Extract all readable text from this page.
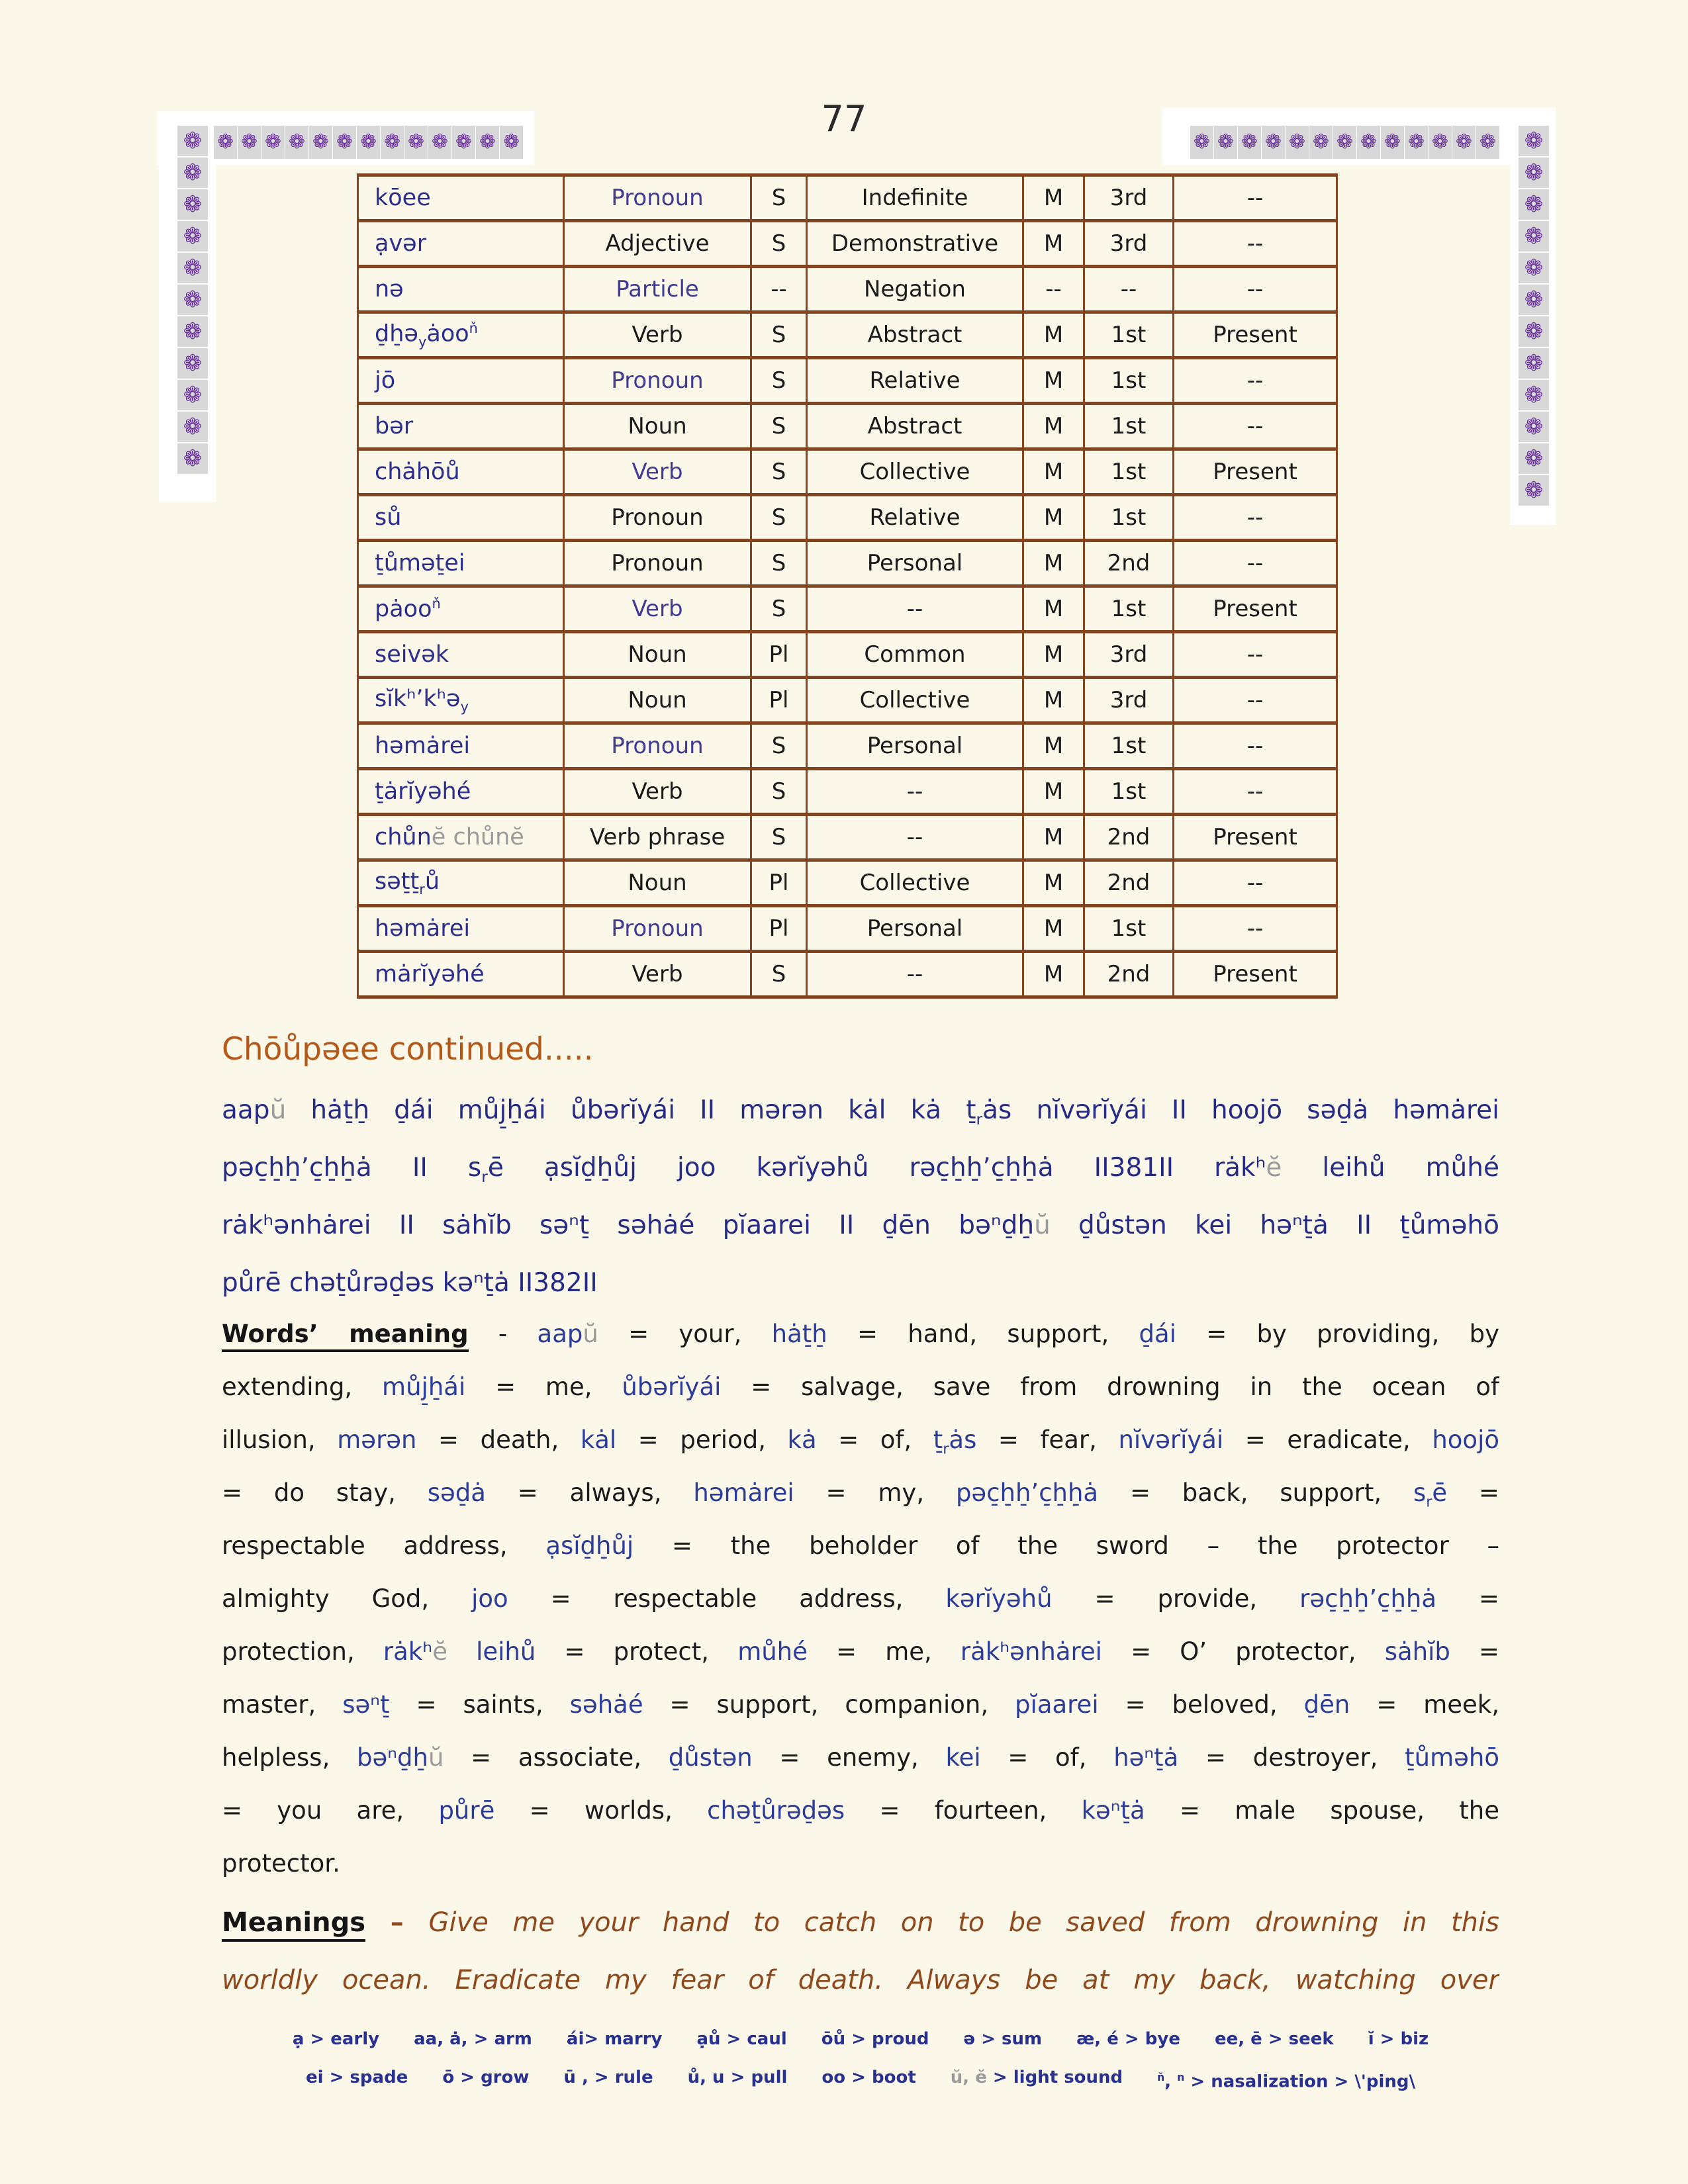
77
❁ ❁ ❁ ❁ ❁ ❁ ❁ ❁ ❁ ❁ ❁ ❁ ❁
❁
❁
❁
❁
❁
❁
❁
❁
❁
❁
❁
❁ ❁ ❁ ❁ ❁ ❁ ❁ ❁ ❁ ❁ ❁ ❁ ❁ ❁
❁
❁
❁
❁
❁
❁
❁
❁
❁
❁
❁
kōee	Pronoun	S	Indefinite	M	3rd	--
ạvər	Adjective	S	Demonstrative	M	3rd	--
nə	Particle	--	Negation	--	--	--
d̠h̠ə$_y$ȧoo$^ň$	Verb	S	Abstract	M	1st	Present
jō	Pronoun	S	Relative	M	1st	--
bər	Noun	S	Abstract	M	1st	--
chȧhōů	Verb	S	Collective	M	1st	Present
sů	Pronoun	S	Relative	M	1st	--
t̠ůmət̠ei	Pronoun	S	Personal	M	2nd	--
pȧoo$^ň$	Verb	S	--	M	1st	Present
seivək	Noun	Pl	Common	M	3rd	--
sĭkʰ’kʰə$_y$	Noun	Pl	Collective	M	3rd	--
həmȧrei	Pronoun	S	Personal	M	1st	--
t̠ȧrĭyəhé	Verb	S	--	M	1st	--
chůnĕ chůnĕ	Verb phrase	S	--	M	2nd	Present
$sət̠t̠_rů$	Noun	Pl	Collective	M	2nd	--
həmȧrei	Pronoun	Pl	Personal	M	1st	--
mȧrĭyəhé	Verb	S	--	M	2nd	Present
Chōůpəee continued.....
aapŭ hȧt̠h̠ d̠ái můj̠h̠ái ůbərĭyái II mərən kȧl kȧ $t̠_rȧs$ nĭvərĭyái II hoojō səd̠ȧ həmȧrei
pəc̠h̠h̠’c̠h̠h̠ȧ II $s_rē$ ạsĭd̠h̠ůj joo kərĭyəhů rəc̠h̠h̠’c̠h̠h̠ȧ II381II rȧkʰĕ leihů můhé
rȧkʰənhȧrei II sȧhĭb səⁿt̠ səhȧé pĭaarei II d̠ēn bəⁿd̠h̠ŭ d̠ůstən kei həⁿt̠ȧ II t̠ůməhō
půrē chət̠ůrəd̠əs kəⁿt̠ȧ II382II
Words’ meaning - aapŭ = your, hȧt̠h̠ = hand, support, d̠ái = by providing, by
extending, můj̠h̠ái = me, ůbərĭyái = salvage, save from drowning in the ocean of
illusion, mərən = death, kȧl = period, kȧ = of, $t̠_rȧs$ = fear, nĭvərĭyái = eradicate, hoojō
= do stay, səd̠ȧ = always, həmȧrei = my, pəc̠h̠h̠’c̠h̠h̠ȧ = back, support, $s_rē$ =
respectable address, ạsĭd̠h̠ůj = the beholder of the sword – the protector –
almighty God, joo = respectable address, kərĭyəhů = provide, rəc̠h̠h̠’c̠h̠h̠ȧ =
protection, rȧkʰĕ leihů = protect, můhé = me, rȧkʰənhȧrei = O’ protector, sȧhĭb =
master, səⁿt̠ = saints, səhȧé = support, companion, pĭaarei = beloved, d̠ēn = meek,
helpless, bəⁿd̠h̠ŭ = associate, d̠ůstən = enemy, kei = of, həⁿt̠ȧ = destroyer, t̠ůməhō
= you are, půrē = worlds, chət̠ůrəd̠əs = fourteen, kəⁿt̠ȧ = male spouse, the
protector.
Meanings – Give me your hand to catch on to be saved from drowning in this
worldly ocean. Eradicate my fear of death. Always be at my back, watching over
ạ > early aa, ȧ, > arm ái> marry ạů > caul ōů > proud ə > sum æ, é > bye ee, ē > seek ĭ > biz
ei > spade ō > grow ū , > rule ů, u > pull oo > boot ŭ, ĕ > light sound	$^ň$, $^n$ > nasalization > \'ping\
